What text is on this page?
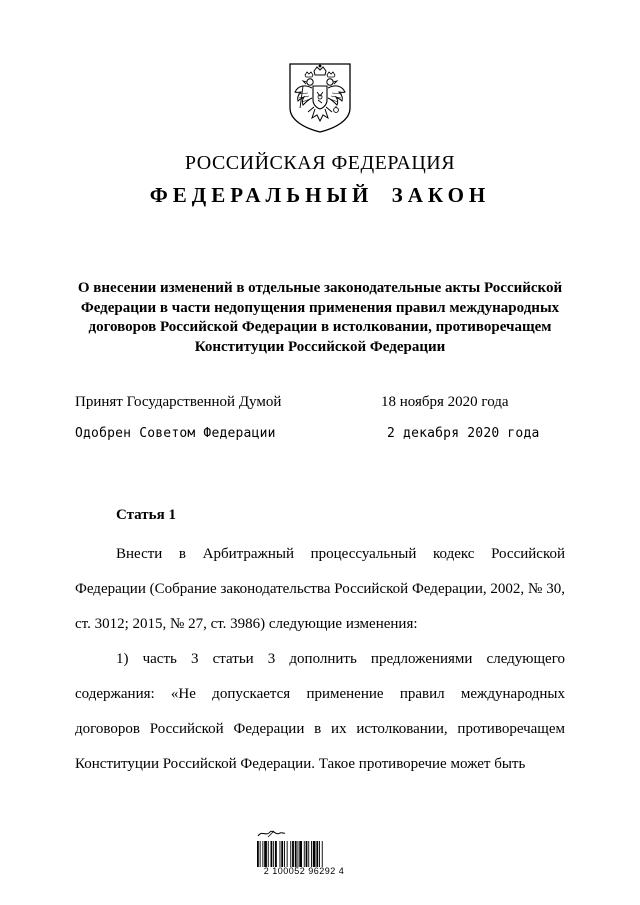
РОССИЙСКАЯ ФЕДЕРАЦИЯ
ФЕДЕРАЛЬНЫЙ ЗАКОН
О внесении изменений в отдельные законодательные акты Российской Федерации в части недопущения применения правил международных договоров Российской Федерации в истолковании, противоречащем Конституции Российской Федерации
Принят Государственной Думой	18 ноября 2020 года
Одобрен Советом Федерации	2 декабря 2020 года
Статья 1

Внести в Арбитражный процессуальный кодекс Российской Федерации (Собрание законодательства Российской Федерации, 2002, № 30, ст. 3012; 2015, № 27, ст. 3986) следующие изменения:

1) часть 3 статьи 3 дополнить предложениями следующего содержания: «Не допускается применение правил международных договоров Российской Федерации в их истолковании, противоречащем Конституции Российской Федерации. Такое противоречие может быть

2 100052 96292 4
